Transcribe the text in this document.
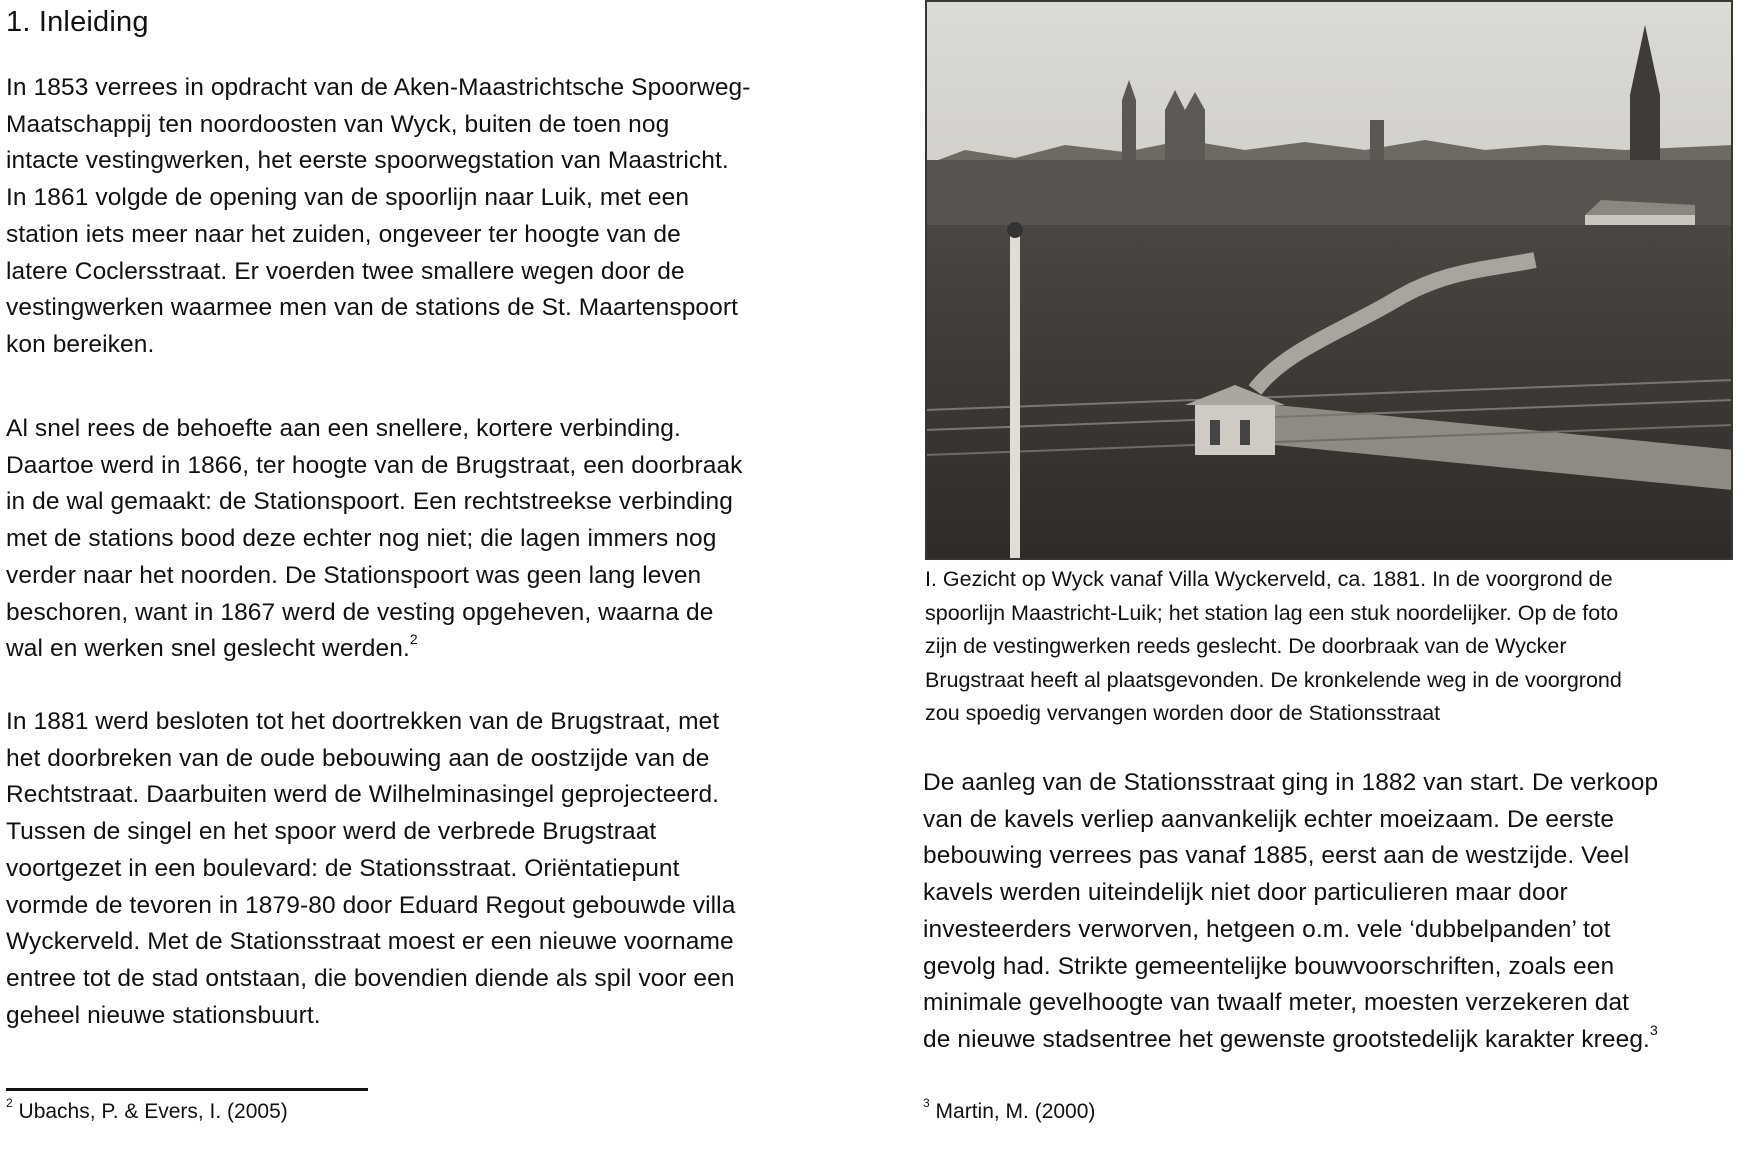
1. Inleiding

In 1853 verrees in opdracht van de Aken-Maastrichtsche Spoorweg-
Maatschappij ten noordoosten van Wyck, buiten de toen nog
intacte vestingwerken, het eerste spoorwegstation van Maastricht.
In 1861 volgde de opening van de spoorlijn naar Luik, met een
station iets meer naar het zuiden, ongeveer ter hoogte van de
latere Coclersstraat. Er voerden twee smallere wegen door de
vestingwerken waarmee men van de stations de St. Maartenspoort
kon bereiken.

Al snel rees de behoefte aan een snellere, kortere verbinding.
Daartoe werd in 1866, ter hoogte van de Brugstraat, een doorbraak
in de wal gemaakt: de Stationspoort. Een rechtstreekse verbinding
met de stations bood deze echter nog niet; die lagen immers nog
verder naar het noorden. De Stationspoort was geen lang leven
beschoren, want in 1867 werd de vesting opgeheven, waarna de
wal en werken snel geslecht werden.$^2$

In 1881 werd besloten tot het doortrekken van de Brugstraat, met
het doorbreken van de oude bebouwing aan de oostzijde van de
Rechtstraat. Daarbuiten werd de Wilhelminasingel geprojecteerd.
Tussen de singel en het spoor werd de verbrede Brugstraat
voortgezet in een boulevard: de Stationsstraat. Oriëntatiepunt
vormde de tevoren in 1879-80 door Eduard Regout gebouwde villa
Wyckerveld. Met de Stationsstraat moest er een nieuwe voorname
entree tot de stad ontstaan, die bovendien diende als spil voor een
geheel nieuwe stationsbuurt.

$^2$ Ubachs, P. & Evers, I. (2005)
I. Gezicht op Wyck vanaf Villa Wyckerveld, ca. 1881. In de voorgrond de
spoorlijn Maastricht-Luik; het station lag een stuk noordelijker. Op de foto
zijn de vestingwerken reeds geslecht. De doorbraak van de Wycker
Brugstraat heeft al plaatsgevonden. De kronkelende weg in de voorgrond
zou spoedig vervangen worden door de Stationsstraat

De aanleg van de Stationsstraat ging in 1882 van start. De verkoop
van de kavels verliep aanvankelijk echter moeizaam. De eerste
bebouwing verrees pas vanaf 1885, eerst aan de westzijde. Veel
kavels werden uiteindelijk niet door particulieren maar door
investeerders verworven, hetgeen o.m. vele ‘dubbelpanden’ tot
gevolg had. Strikte gemeentelijke bouwvoorschriften, zoals een
minimale gevelhoogte van twaalf meter, moesten verzekeren dat
de nieuwe stadsentree het gewenste grootstedelijk karakter kreeg.$^3$

$^3$ Martin, M. (2000)
